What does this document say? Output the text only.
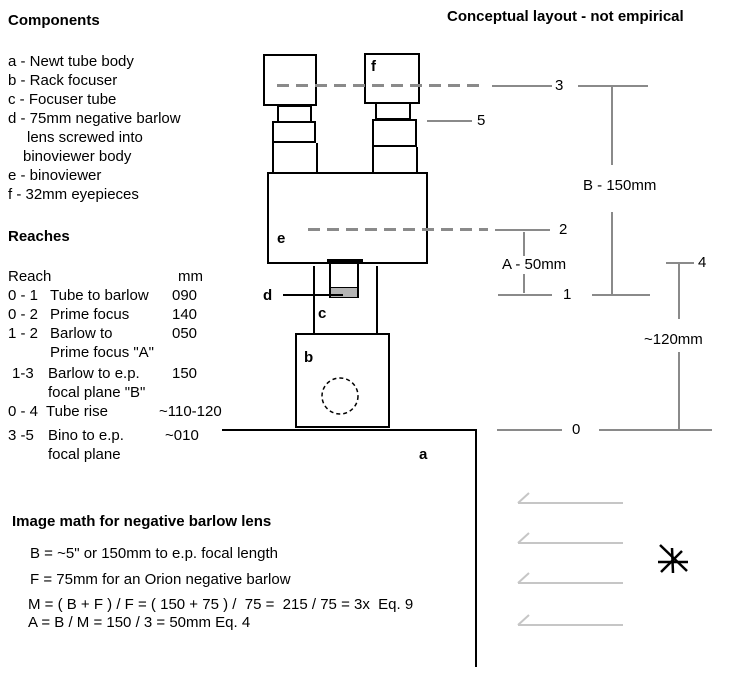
Components
a - Newt tube body
b - Rack focuser
c - Focuser tube
d - 75mm negative barlow
lens screwed into
binoviewer body
e - binoviewer
f - 32mm eyepieces
Reaches
Reach	mm
0 - 1 Tube to barlow 090
0 - 2 Prime focus	140
1 - 2 Barlow to	050
Prime focus "A"
1-3 Barlow to e.p. 150
focal plane "B"
0 - 4 Tube rise	~110-120
3 -5 Bino to e.p.	~010
focal plane
Image math for negative barlow lens
B = ~5" or 150mm to e.p. focal length
F = 75mm for an Orion negative barlow
M = ( B + F ) / F = ( 150 + 75 ) /  75 =  215 / 75 = 3x  Eq. 9
A = B / M = 150 / 3 = 50mm Eq. 4
Conceptual layout - not empirical
f
e
d
c
b
a
3
B - 150mm
5
2
A - 50mm
1
4
~120mm
0
